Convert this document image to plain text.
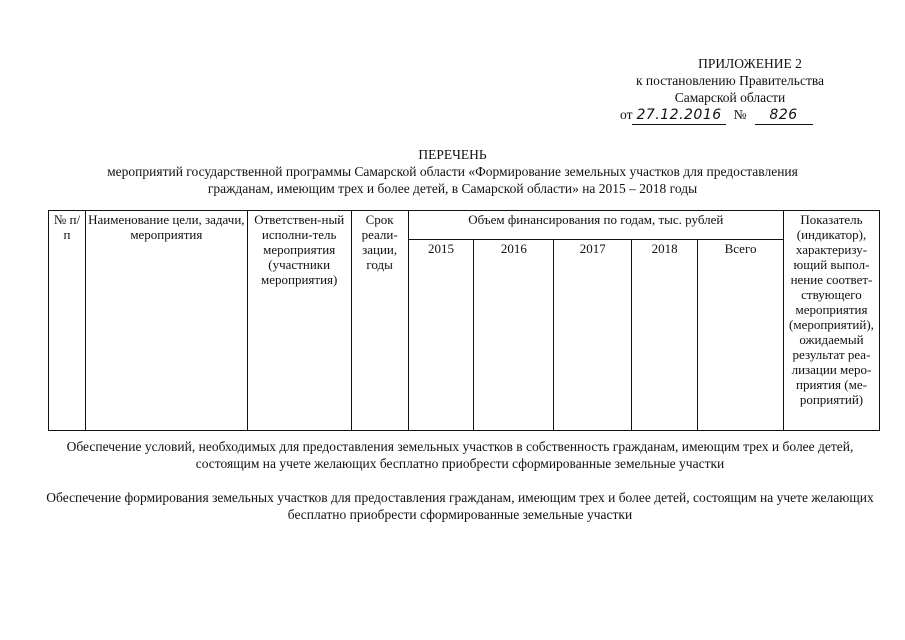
ПРИЛОЖЕНИЕ 2
к постановлению Правительства
Самарской области
от 27.12.2016 №	826
ПЕРЕЧЕНЬ
мероприятий государственной программы Самарской области «Формирование земельных участков для предоставления
гражданам, имеющим трех и более детей, в Самарской области» на 2015 – 2018 годы
№ п/п	Наименование цели, задачи, мероприятия	Ответствен-ный исполни-тель мероприятия (участники мероприятия)	Срок реали-зации, годы	Объем финансирования по годам, тыс. рублей					Показатель (индикатор), характеризу-ющий выпол-нение соответ-ствующего мероприятия (мероприятий), ожидаемый результат реа-лизации меро-приятия (ме-роприятий)
				2015	2016	2017	2018	Всего	
Обеспечение условий, необходимых для предоставления земельных участков в собственность гражданам, имеющим трех и более детей, состоящим на учете желающих бесплатно приобрести сформированные земельные участки
Обеспечение формирования земельных участков для предоставления гражданам, имеющим трех и более детей, состоящим на учете желающих бесплатно приобрести сформированные земельные участки
